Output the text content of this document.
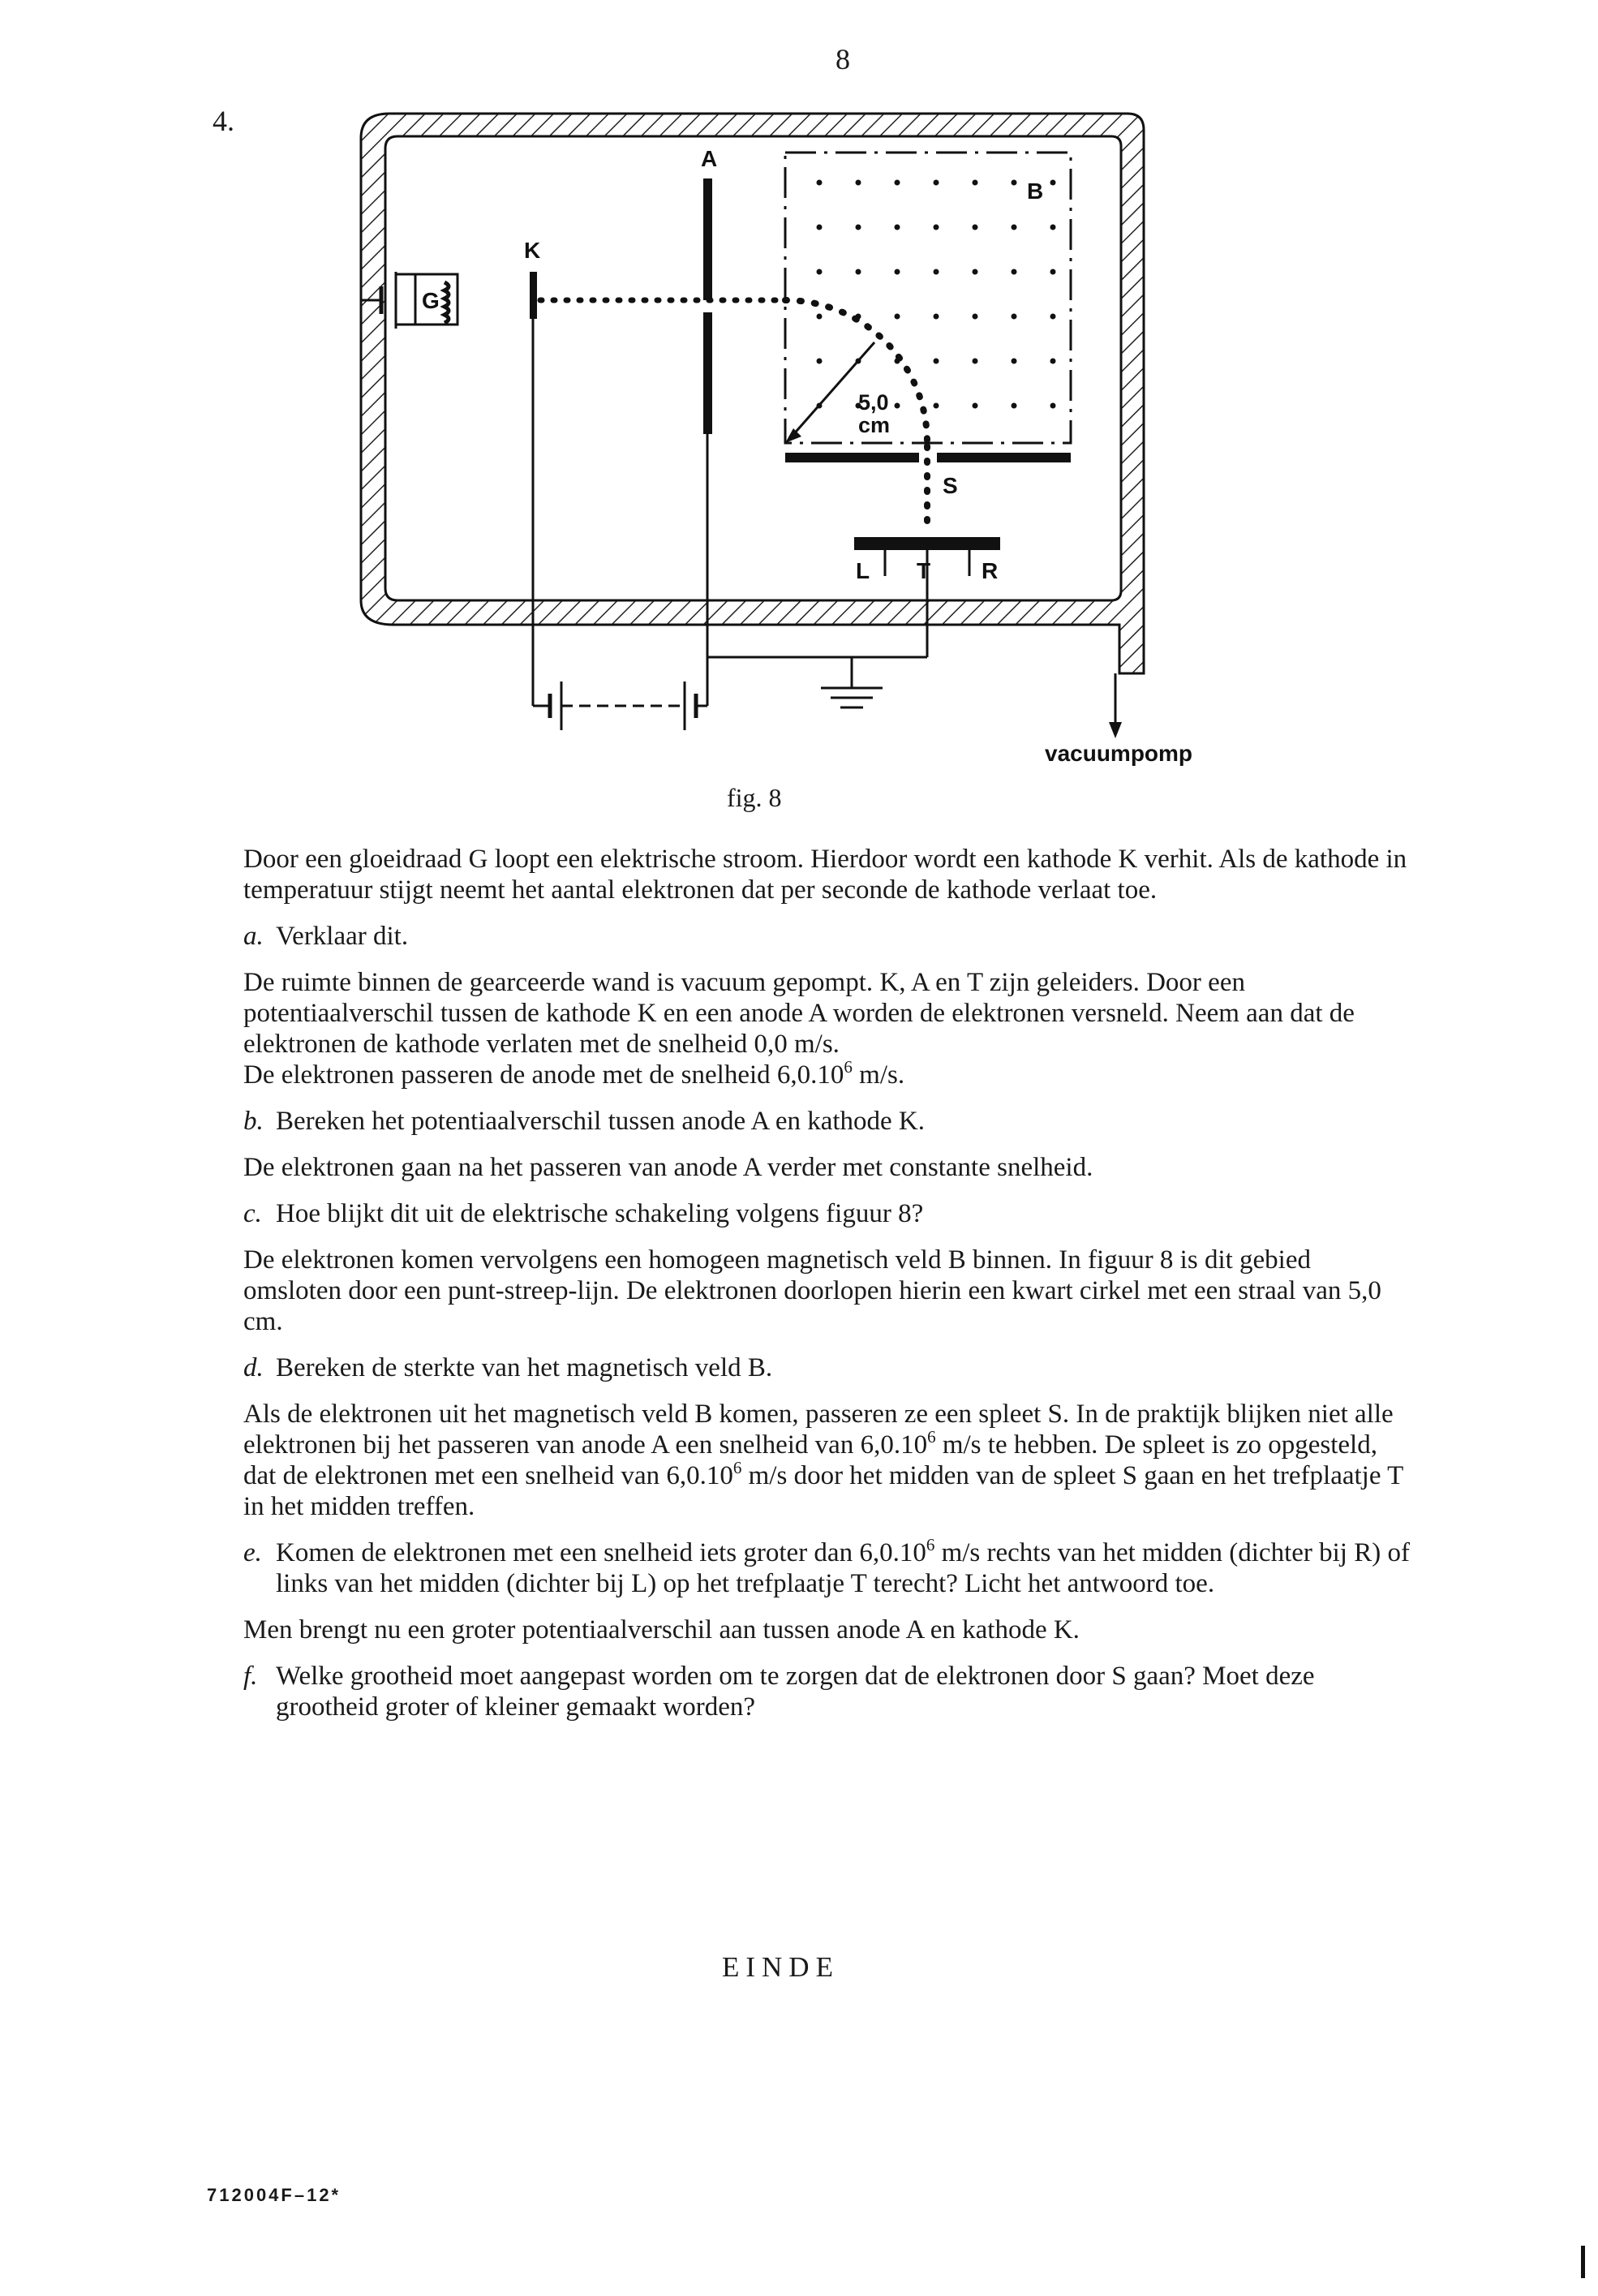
8
4.
vacuumpomp
G
K
A
B
5,0
cm
S
L T R
fig. 8

Door een gloeidraad G loopt een elektrische stroom. Hierdoor wordt een kathode K verhit. Als de kathode in temperatuur stijgt neemt het aantal elektronen dat per seconde de kathode verlaat toe.

a. Verklaar dit.

De ruimte binnen de gearceerde wand is vacuum gepompt. K, A en T zijn geleiders. Door een potentiaalverschil tussen de kathode K en een anode A worden de elektronen versneld. Neem aan dat de elektronen de kathode verlaten met de snelheid 0,0 m/s.
De elektronen passeren de anode met de snelheid 6,0.10$^6$ m/s.

b. Bereken het potentiaalverschil tussen anode A en kathode K.

De elektronen gaan na het passeren van anode A verder met constante snelheid.

c. Hoe blijkt dit uit de elektrische schakeling volgens figuur 8?

De elektronen komen vervolgens een homogeen magnetisch veld B binnen. In figuur 8 is dit gebied omsloten door een punt-streep-lijn. De elektronen doorlopen hierin een kwart cirkel met een straal van 5,0 cm.

d. Bereken de sterkte van het magnetisch veld B.

Als de elektronen uit het magnetisch veld B komen, passeren ze een spleet S. In de praktijk blijken niet alle elektronen bij het passeren van anode A een snelheid van 6,0.10$^6$ m/s te hebben. De spleet is zo opgesteld, dat de elektronen met een snelheid van 6,0.10$^6$ m/s door het midden van de spleet S gaan en het trefplaatje T in het midden treffen.

e. Komen de elektronen met een snelheid iets groter dan 6,0.10$^6$ m/s rechts van het midden (dichter bij R) of links van het midden (dichter bij L) op het trefplaatje T terecht? Licht het antwoord toe.

Men brengt nu een groter potentiaalverschil aan tussen anode A en kathode K.

f. Welke grootheid moet aangepast worden om te zorgen dat de elektronen door S gaan? Moet deze grootheid groter of kleiner gemaakt worden?
EINDE
712004F–12*
